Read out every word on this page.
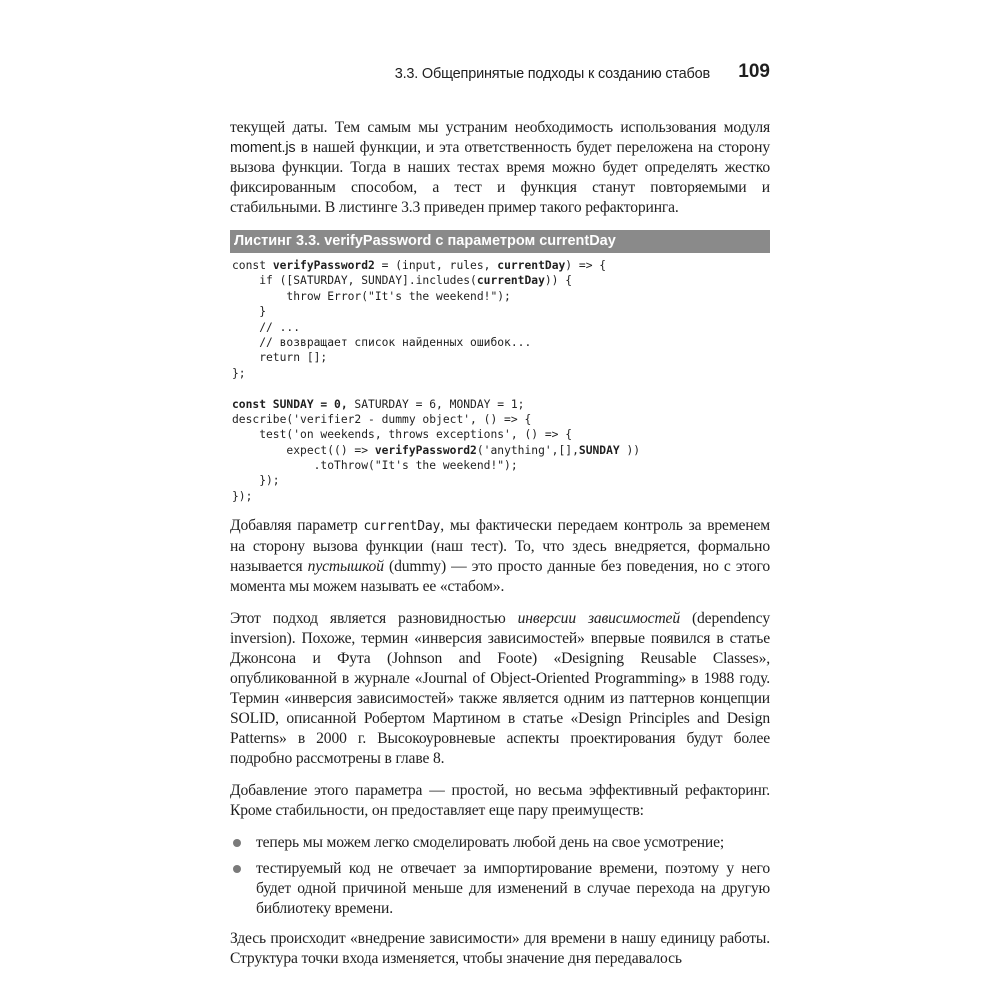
3.3. Общепринятые подходы к созданию стабов 109

текущей даты. Тем самым мы устраним необходимость использования модуля moment.js в нашей функции, и эта ответственность будет переложена на сторону вызова функции. Тогда в наших тестах время можно будет определять жестко фиксированным способом, а тест и функция станут повторяемыми и стабильными. В листинге 3.3 приведен пример такого рефакторинга.

Листинг 3.3. verifyPassword с параметром currentDay
const verifyPassword2 = (input, rules, currentDay) => {
if ([SATURDAY, SUNDAY].includes(currentDay)) {
throw Error("It's the weekend!");
}
// ...
// возвращает список найденных ошибок...
return [];
};
const SUNDAY = 0, SATURDAY = 6, MONDAY = 1;
describe('verifier2 - dummy object', () => {
test('on weekends, throws exceptions', () => {
expect(() => verifyPassword2('anything',[],SUNDAY ))
.toThrow("It's the weekend!");
});
});

Добавляя параметр currentDay, мы фактически передаем контроль за временем на сторону вызова функции (наш тест). То, что здесь внедряется, формально называется пустышкой (dummy) — это просто данные без поведения, но с этого момента мы можем называть ее «стабом».

Этот подход является разновидностью инверсии зависимостей (dependency inversion). Похоже, термин «инверсия зависимостей» впервые появился в статье Джонсона и Фута (Johnson and Foote) «Designing Reusable Classes», опубликованной в журнале «Journal of Object-Oriented Programming» в 1988 году. Термин «инверсия зависимостей» также является одним из паттернов концепции SOLID, описанной Робертом Мартином в статье «Design Principles and Design Patterns» в 2000 г. Высокоуровневые аспекты проектирования будут более подробно рассмотрены в главе 8.

Добавление этого параметра — простой, но весьма эффективный рефакторинг. Кроме стабильности, он предоставляет еще пару преимуществ:

теперь мы можем легко смоделировать любой день на свое усмотрение;
тестируемый код не отвечает за импортирование времени, поэтому у него будет одной причиной меньше для изменений в случае перехода на другую библиотеку времени.

Здесь происходит «внедрение зависимости» для времени в нашу единицу работы. Структура точки входа изменяется, чтобы значение дня передавалось
